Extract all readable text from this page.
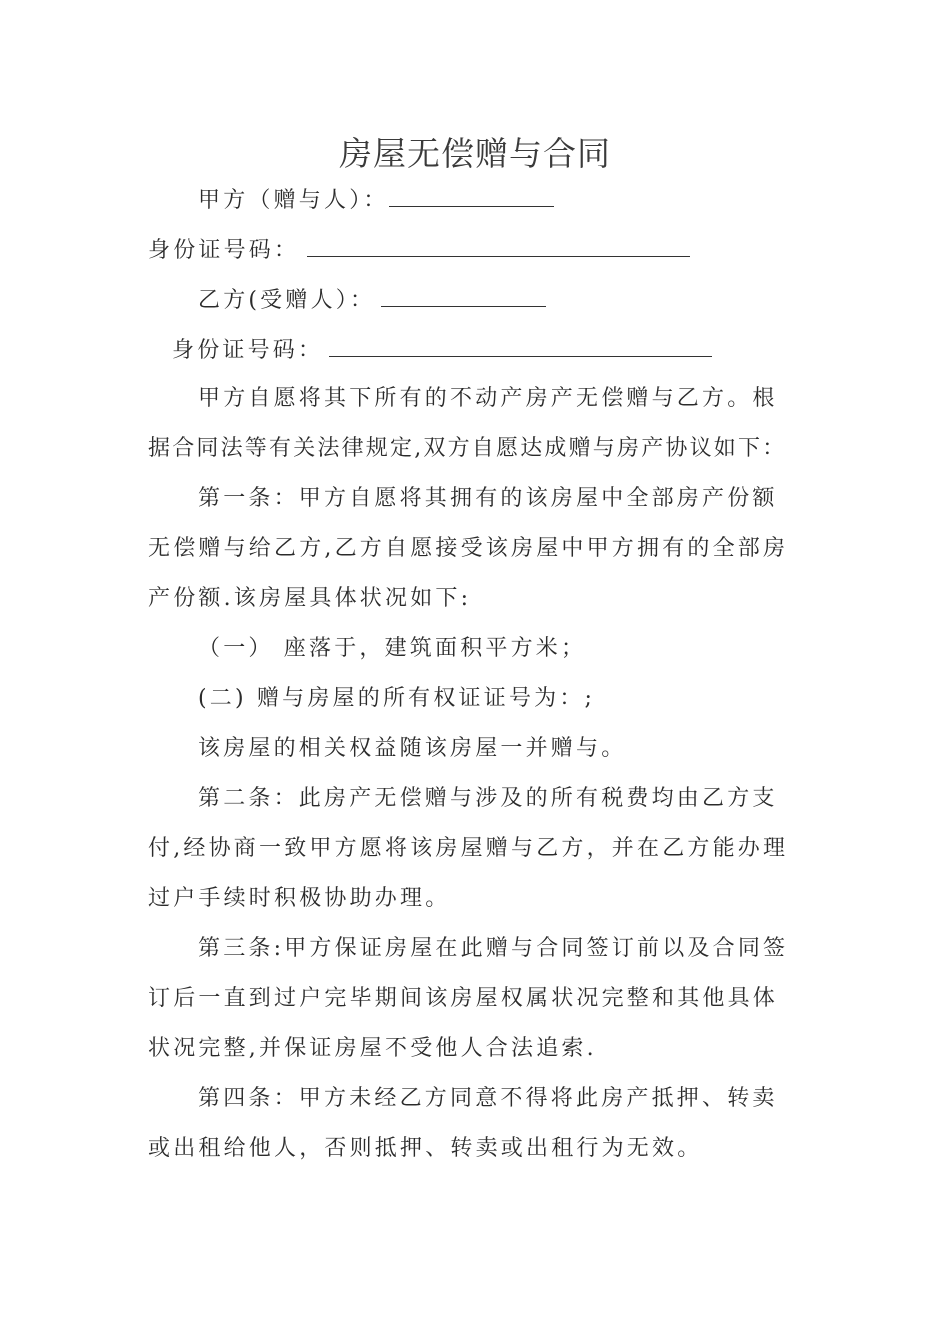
房屋无偿赠与合同
甲方（赠与人）：
身份证号码：
乙方(受赠人）：
身份证号码：
甲方自愿将其下所有的不动产房产无偿赠与乙方。根
据合同法等有关法律规定,双方自愿达成赠与房产协议如下：
第一条：甲方自愿将其拥有的该房屋中全部房产份额
无偿赠与给乙方,乙方自愿接受该房屋中甲方拥有的全部房
产份额.该房屋具体状况如下:
（一） 座落于，建筑面积平方米；
(二) 赠与房屋的所有权证证号为：;
该房屋的相关权益随该房屋一并赠与。
第二条：此房产无偿赠与涉及的所有税费均由乙方支
付,经协商一致甲方愿将该房屋赠与乙方，并在乙方能办理
过户手续时积极协助办理。
第三条:甲方保证房屋在此赠与合同签订前以及合同签
订后一直到过户完毕期间该房屋权属状况完整和其他具体
状况完整,并保证房屋不受他人合法追索.
第四条：甲方未经乙方同意不得将此房产抵押、转卖
或出租给他人，否则抵押、转卖或出租行为无效。
